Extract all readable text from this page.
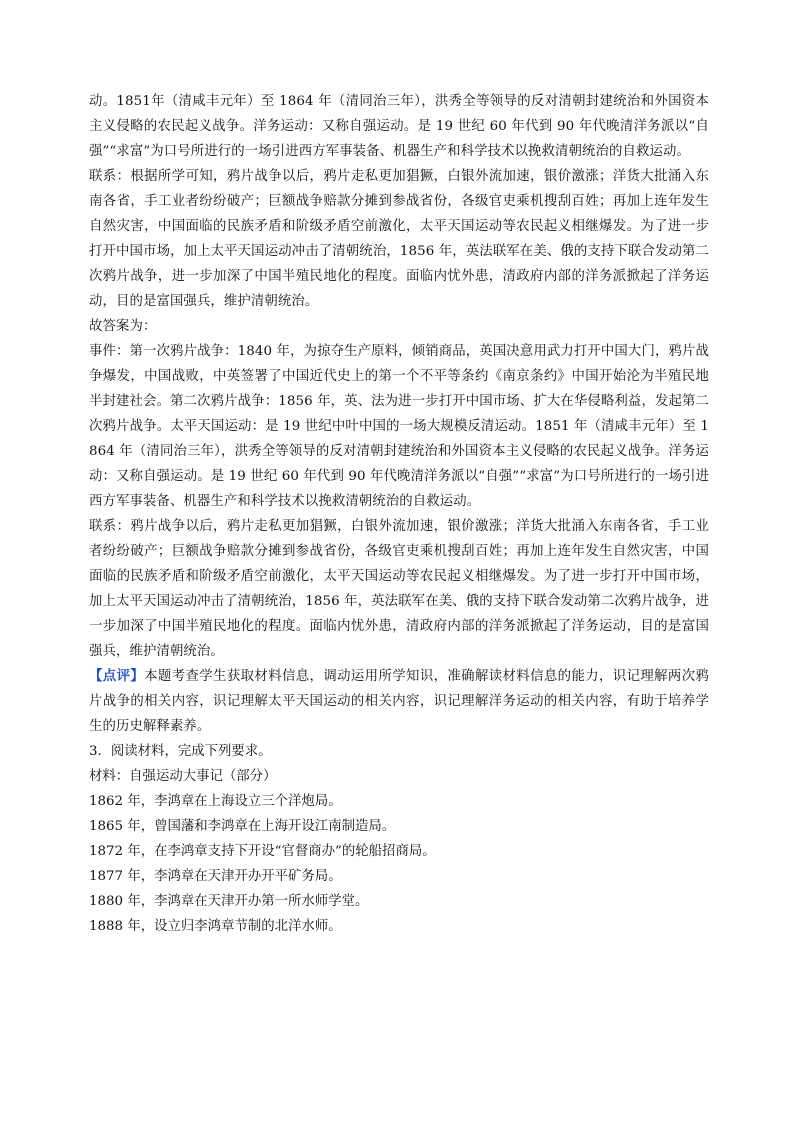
动。1851年（清咸丰元年）至 1864 年（清同治三年），洪秀全等领导的反对清朝封建统治和外国资本主义侵略的农民起义战争。洋务运动：又称自强运动。是 19 世纪 60 年代到 90 年代晚清洋务派以“自强”“求富”为口号所进行的一场引进西方军事装备、机器生产和科学技术以挽救清朝统治的自救运动。

联系：根据所学可知，鸦片战争以后，鸦片走私更加猖獗，白银外流加速，银价激涨；洋货大批涌入东南各省，手工业者纷纷破产；巨额战争赔款分摊到参战省份，各级官吏乘机搜刮百姓；再加上连年发生自然灾害，中国面临的民族矛盾和阶级矛盾空前激化，太平天国运动等农民起义相继爆发。为了进一步打开中国市场，加上太平天国运动冲击了清朝统治，1856 年，英法联军在美、俄的支持下联合发动第二次鸦片战争，进一步加深了中国半殖民地化的程度。面临内忧外患，清政府内部的洋务派掀起了洋务运动，目的是富国强兵，维护清朝统治。

故答案为：

事件：第一次鸦片战争：1840 年，为掠夺生产原料，倾销商品，英国决意用武力打开中国大门，鸦片战争爆发，中国战败，中英签署了中国近代史上的第一个不平等条约《南京条约》中国开始沦为半殖民地半封建社会。第二次鸦片战争：1856 年，英、法为进一步打开中国市场、扩大在华侵略利益，发起第二次鸦片战争。太平天国运动：是 19 世纪中叶中国的一场大规模反清运动。1851 年（清咸丰元年）至 1864 年（清同治三年），洪秀全等领导的反对清朝封建统治和外国资本主义侵略的农民起义战争。洋务运动：又称自强运动。是 19 世纪 60 年代到 90 年代晚清洋务派以“自强”“求富”为口号所进行的一场引进西方军事装备、机器生产和科学技术以挽救清朝统治的自救运动。

联系：鸦片战争以后，鸦片走私更加猖獗，白银外流加速，银价激涨；洋货大批涌入东南各省，手工业者纷纷破产；巨额战争赔款分摊到参战省份，各级官吏乘机搜刮百姓；再加上连年发生自然灾害，中国面临的民族矛盾和阶级矛盾空前激化，太平天国运动等农民起义相继爆发。为了进一步打开中国市场，加上太平天国运动冲击了清朝统治，1856 年，英法联军在美、俄的支持下联合发动第二次鸦片战争，进一步加深了中国半殖民地化的程度。面临内忧外患，清政府内部的洋务派掀起了洋务运动，目的是富国强兵，维护清朝统治。

【点评】本题考查学生获取材料信息，调动运用所学知识，准确解读材料信息的能力，识记理解两次鸦片战争的相关内容，识记理解太平天国运动的相关内容，识记理解洋务运动的相关内容，有助于培养学生的历史解释素养。

3．阅读材料，完成下列要求。

材料：自强运动大事记（部分）

1862 年，李鸿章在上海设立三个洋炮局。

1865 年，曾国藩和李鸿章在上海开设江南制造局。

1872 年，在李鸿章支持下开设“官督商办”的轮船招商局。

1877 年，李鸿章在天津开办开平矿务局。

1880 年，李鸿章在天津开办第一所水师学堂。

1888 年，设立归李鸿章节制的北洋水师。
